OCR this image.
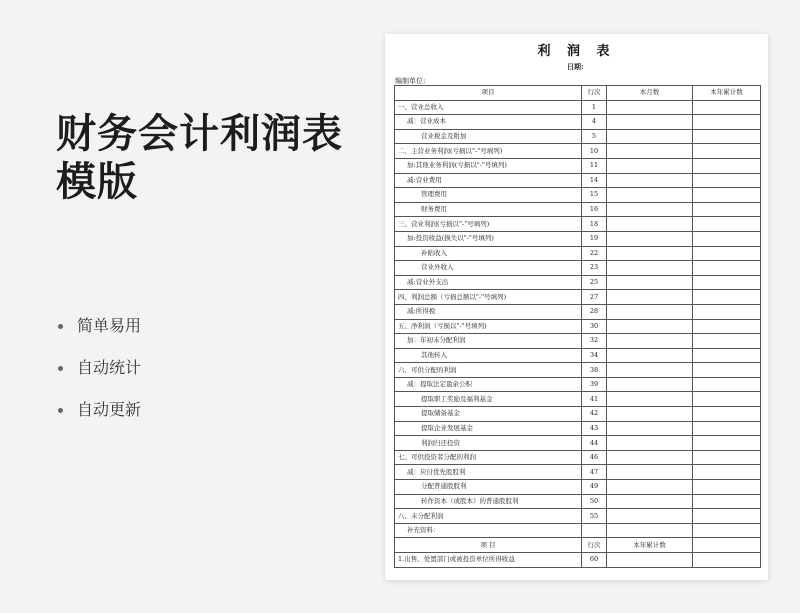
财务会计利润表
模版
简单易用
自动统计
自动更新
利 润 表
日期:
编制单位:
项目	行次	本月数	本年累计数
一、营业总收入	1		
减：营业成本	4		
营业税金及附加	5		
二、主营业务利润(亏损以"-"号填列)	10		
加:其他业务利润(亏损以"-"号填列)	11		
减:营业费用	14		
管理费用	15		
财务费用	16		
三、营业利润(亏损以"-"号填列)	18		
加:投资收益(损失以"-"号填列)	19		
补贴收入	22		
营业外收入	23		
减:营业外支出	25		
四、利润总额（亏损总额以"-"号填列)	27		
减:所得税	28		
五、净利润（亏损以"-"号填列)	30		
加：年初未分配利润	32		
其他转入	34		
六、可供分配的利润	38		
减：提取法定盈余公积	39		
提取职工奖励及福利基金	41		
提取储备基金	42		
提取企业发展基金	43		
利润归还投资	44		
七、可供投资者分配的利润	46		
减：应付优先股股利	47		
分配普通股股利	49		
转作资本（或股本）的普通股股利	50		
八、未分配利润	55		
补充资料：			
项 目	行次	本年累计数	
1.出售、处置部门或被投资单位所得收益	60		
